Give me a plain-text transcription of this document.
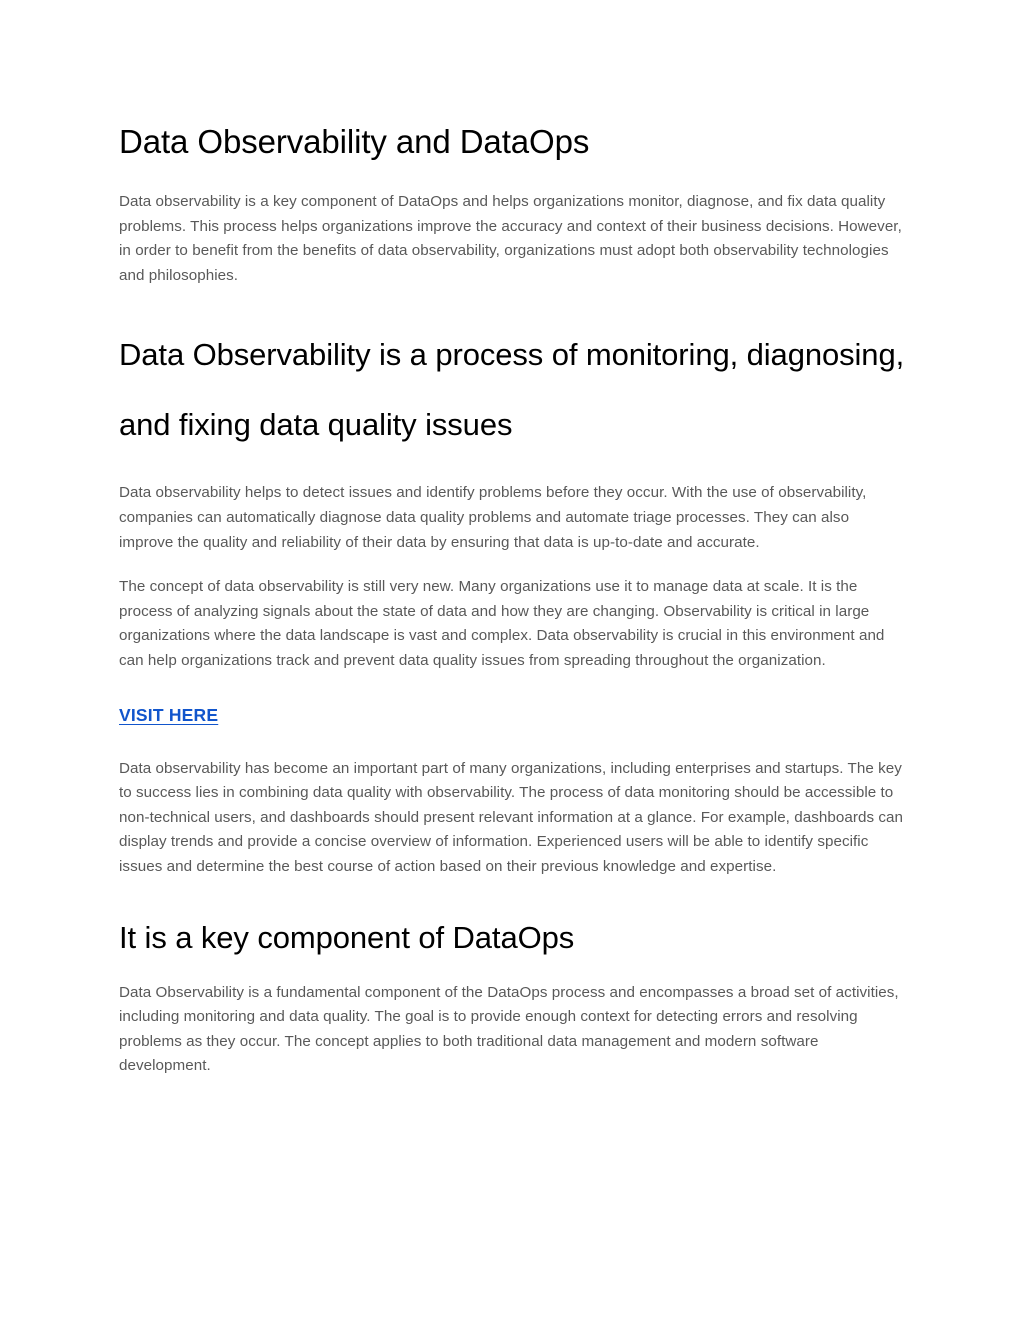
Data Observability and DataOps

Data observability is a key component of DataOps and helps organizations monitor, diagnose, and fix data quality problems. This process helps organizations improve the accuracy and context of their business decisions. However, in order to benefit from the benefits of data observability, organizations must adopt both observability technologies and philosophies.

Data Observability is a process of monitoring, diagnosing, and fixing data quality issues

Data observability helps to detect issues and identify problems before they occur. With the use of observability, companies can automatically diagnose data quality problems and automate triage processes. They can also improve the quality and reliability of their data by ensuring that data is up-to-date and accurate.

The concept of data observability is still very new. Many organizations use it to manage data at scale. It is the process of analyzing signals about the state of data and how they are changing. Observability is critical in large organizations where the data landscape is vast and complex. Data observability is crucial in this environment and can help organizations track and prevent data quality issues from spreading throughout the organization.

VISIT HERE

Data observability has become an important part of many organizations, including enterprises and startups. The key to success lies in combining data quality with observability. The process of data monitoring should be accessible to non-technical users, and dashboards should present relevant information at a glance. For example, dashboards can display trends and provide a concise overview of information. Experienced users will be able to identify specific issues and determine the best course of action based on their previous knowledge and expertise.

It is a key component of DataOps

Data Observability is a fundamental component of the DataOps process and encompasses a broad set of activities, including monitoring and data quality. The goal is to provide enough context for detecting errors and resolving problems as they occur. The concept applies to both traditional data management and modern software development.
